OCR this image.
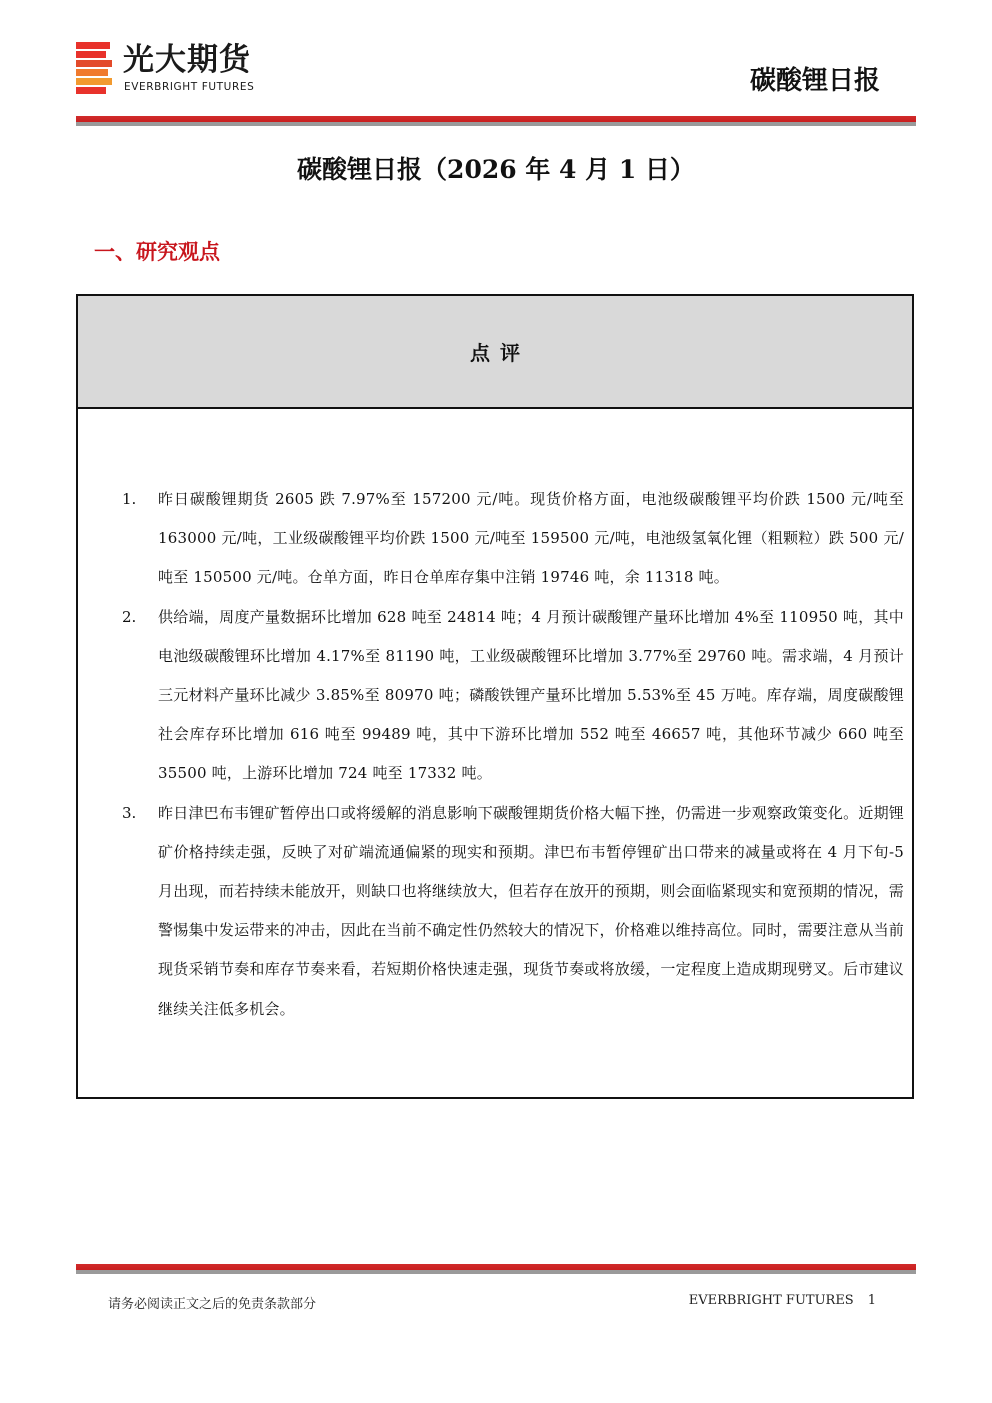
光大期货
EVERBRIGHT FUTURES	碳酸锂日报
碳酸锂日报（2026 年 4 月 1 日）
一、研究观点
点评
1.	昨日碳酸锂期货 2605 跌 7.97%至 157200 元/吨。现货价格方面，电池级碳酸锂平均价跌 1500 元/吨至 163000 元/吨，工业级碳酸锂平均价跌 1500 元/吨至 159500 元/吨，电池级氢氧化锂（粗颗粒）跌 500 元/吨至 150500 元/吨。仓单方面，昨日仓单库存集中注销 19746 吨，余 11318 吨。
2.	供给端，周度产量数据环比增加 628 吨至 24814 吨；4 月预计碳酸锂产量环比增加 4%至 110950 吨，其中电池级碳酸锂环比增加 4.17%至 81190 吨，工业级碳酸锂环比增加 3.77%至 29760 吨。需求端，4 月预计三元材料产量环比减少 3.85%至 80970 吨；磷酸铁锂产量环比增加 5.53%至 45 万吨。库存端，周度碳酸锂社会库存环比增加 616 吨至 99489 吨，其中下游环比增加 552 吨至 46657 吨，其他环节减少 660 吨至 35500 吨，上游环比增加 724 吨至 17332 吨。
3.	昨日津巴布韦锂矿暂停出口或将缓解的消息影响下碳酸锂期货价格大幅下挫，仍需进一步观察政策变化。近期锂矿价格持续走强，反映了对矿端流通偏紧的现实和预期。津巴布韦暂停锂矿出口带来的减量或将在 4 月下旬-5 月出现，而若持续未能放开，则缺口也将继续放大，但若存在放开的预期，则会面临紧现实和宽预期的情况，需警惕集中发运带来的冲击，因此在当前不确定性仍然较大的情况下，价格难以维持高位。同时，需要注意从当前现货采销节奏和库存节奏来看，若短期价格快速走强，现货节奏或将放缓，一定程度上造成期现劈叉。后市建议继续关注低多机会。
请务必阅读正文之后的免责条款部分	EVERBRIGHT FUTURES 1
